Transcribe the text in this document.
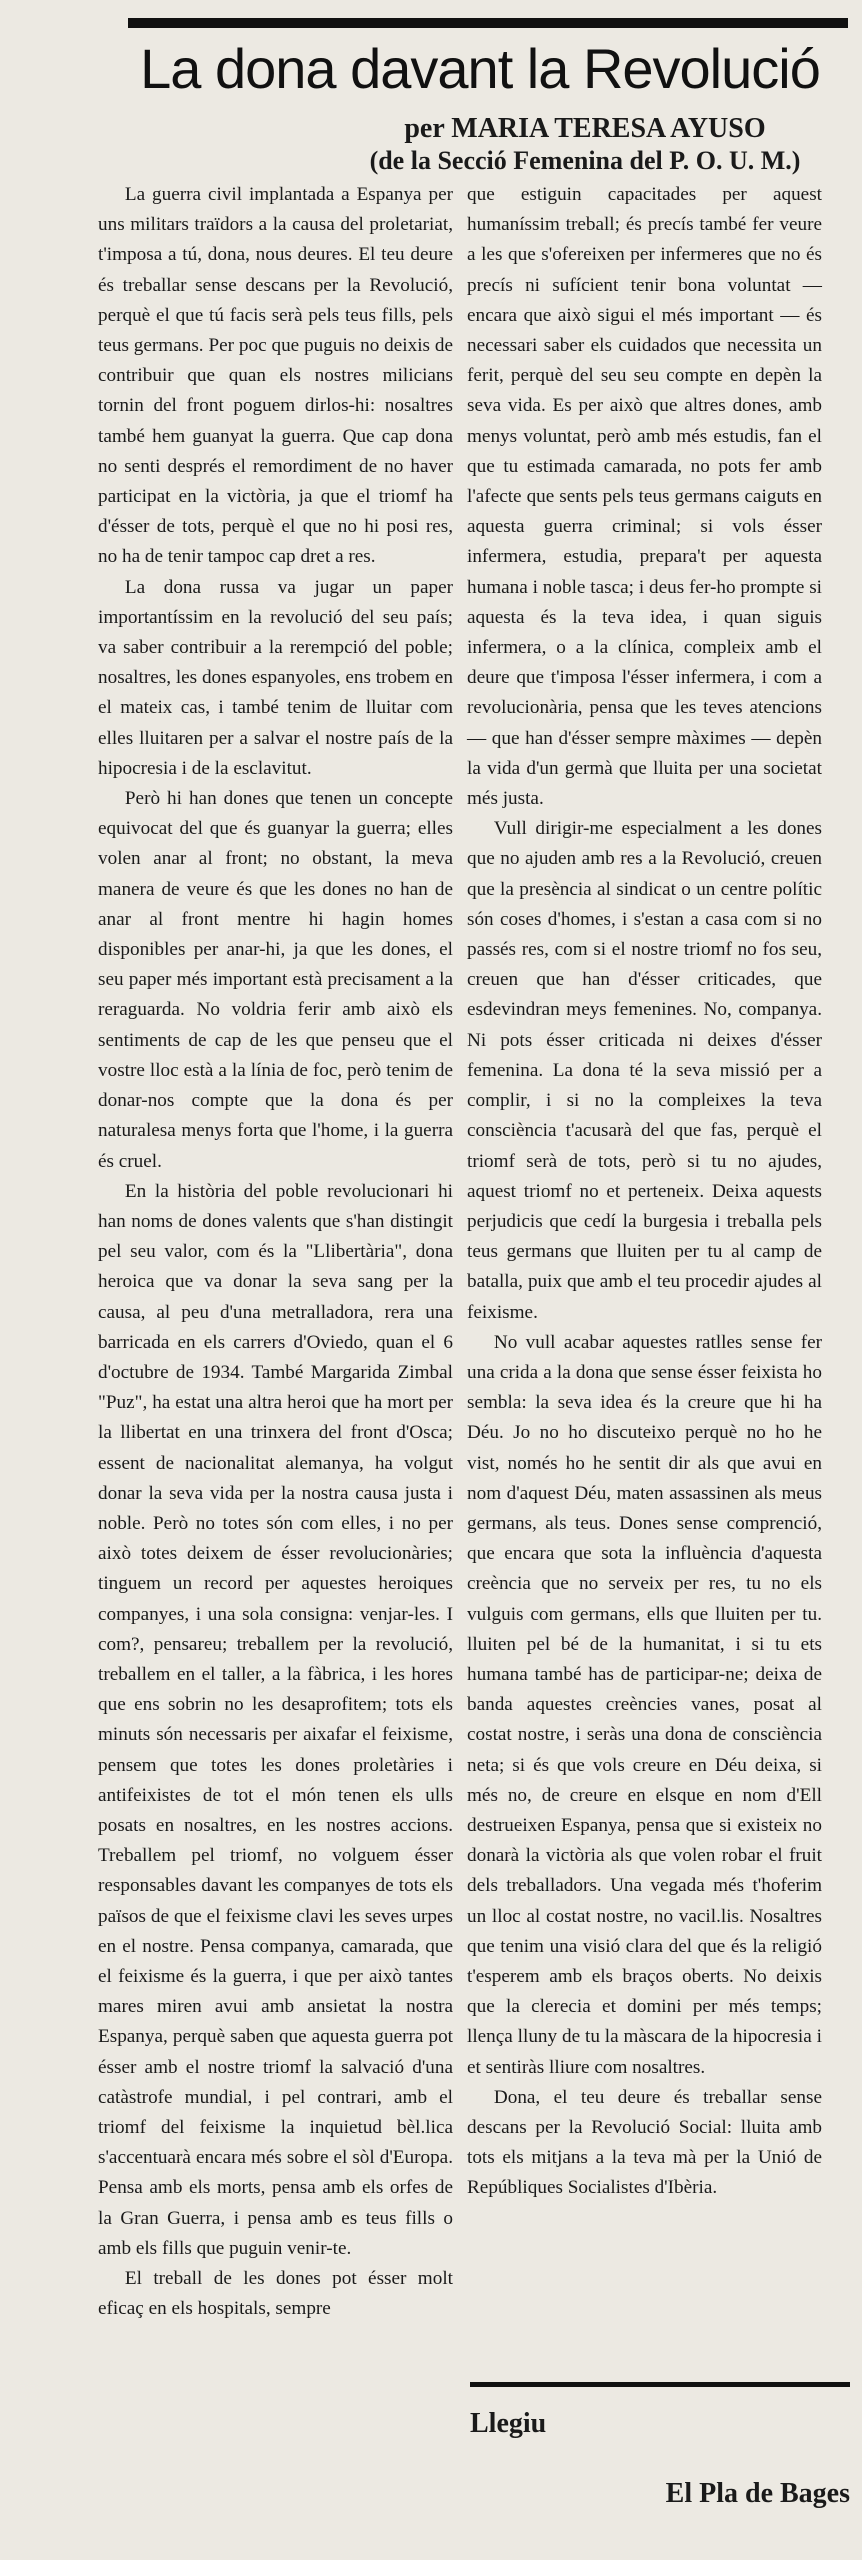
La dona davant la Revolució
per MARIA TERESA AYUSO
(de la Secció Femenina del P. O. U. M.)

La guerra civil implantada a Espanya per uns militars traïdors a la causa del proletariat, t'imposa a tú, dona, nous deures. El teu deure és treballar sense descans per la Revolució, perquè el que tú facis serà pels teus fills, pels teus germans. Per poc que puguis no deixis de contribuir que quan els nostres milicians tornin del front poguem dirlos-hi: nosaltres també hem guanyat la guerra. Que cap dona no senti després el remordiment de no haver participat en la victòria, ja que el triomf ha d'ésser de tots, perquè el que no hi posi res, no ha de tenir tampoc cap dret a res.

La dona russa va jugar un paper importantíssim en la revolució del seu país; va saber contribuir a la rerempció del poble; nosaltres, les dones espanyoles, ens trobem en el mateix cas, i també tenim de lluitar com elles lluitaren per a salvar el nostre país de la hipocresia i de la esclavitut.

Però hi han dones que tenen un concepte equivocat del que és guanyar la guerra; elles volen anar al front; no obstant, la meva manera de veure és que les dones no han de anar al front mentre hi hagin homes disponibles per anar-hi, ja que les dones, el seu paper més important està precisament a la reraguarda. No voldria ferir amb això els sentiments de cap de les que penseu que el vostre lloc està a la línia de foc, però tenim de donar-nos compte que la dona és per naturalesa menys forta que l'home, i la guerra és cruel.

En la història del poble revolucionari hi han noms de dones valents que s'han distingit pel seu valor, com és la "Llibertària", dona heroica que va donar la seva sang per la causa, al peu d'una metralladora, rera una barricada en els carrers d'Oviedo, quan el 6 d'octubre de 1934. També Margarida Zimbal "Puz", ha estat una altra heroi que ha mort per la llibertat en una trinxera del front d'Osca; essent de nacionalitat alemanya, ha volgut donar la seva vida per la nostra causa justa i noble. Però no totes són com elles, i no per això totes deixem de ésser revolucionàries; tinguem un record per aquestes heroiques companyes, i una sola consigna: venjar-les. I com?, pensareu; treballem per la revolució, treballem en el taller, a la fàbrica, i les hores que ens sobrin no les desaprofitem; tots els minuts són necessaris per aixafar el feixisme, pensem que totes les dones proletàries i antifeixistes de tot el món tenen els ulls posats en nosaltres, en les nostres accions. Treballem pel triomf, no volguem ésser responsables davant les companyes de tots els països de que el feixisme clavi les seves urpes en el nostre. Pensa companya, camarada, que el feixisme és la guerra, i que per això tantes mares miren avui amb ansietat la nostra Espanya, perquè saben que aquesta guerra pot ésser amb el nostre triomf la salvació d'una catàstrofe mundial, i pel contrari, amb el triomf del feixisme la inquietud bèl.lica s'accentuarà encara més sobre el sòl d'Europa. Pensa amb els morts, pensa amb els orfes de la Gran Guerra, i pensa amb es teus fills o amb els fills que puguin venir-te.

El treball de les dones pot ésser molt eficaç en els hospitals, sempre

que estiguin capacitades per aquest humaníssim treball; és precís també fer veure a les que s'ofereixen per infermeres que no és precís ni sufícient tenir bona voluntat — encara que això sigui el més important — és necessari saber els cuidados que necessita un ferit, perquè del seu seu compte en depèn la seva vida. Es per això que altres dones, amb menys voluntat, però amb més estudis, fan el que tu estimada camarada, no pots fer amb l'afecte que sents pels teus germans caiguts en aquesta guerra criminal; si vols ésser infermera, estudia, prepara't per aquesta humana i noble tasca; i deus fer-ho prompte si aquesta és la teva idea, i quan siguis infermera, o a la clínica, compleix amb el deure que t'imposa l'ésser infermera, i com a revolucionària, pensa que les teves atencions — que han d'ésser sempre màximes — depèn la vida d'un germà que lluita per una societat més justa.

Vull dirigir-me especialment a les dones que no ajuden amb res a la Revolució, creuen que la presència al sindicat o un centre polític són coses d'homes, i s'estan a casa com si no passés res, com si el nostre triomf no fos seu, creuen que han d'ésser criticades, que esdevindran meys femenines. No, companya. Ni pots ésser criticada ni deixes d'ésser femenina. La dona té la seva missió per a complir, i si no la compleixes la teva consciència t'acusarà del que fas, perquè el triomf serà de tots, però si tu no ajudes, aquest triomf no et perteneix. Deixa aquests perjudicis que cedí la burgesia i treballa pels teus germans que lluiten per tu al camp de batalla, puix que amb el teu procedir ajudes al feixisme.

No vull acabar aquestes ratlles sense fer una crida a la dona que sense ésser feixista ho sembla: la seva idea és la creure que hi ha Déu. Jo no ho discuteixo perquè no ho he vist, només ho he sentit dir als que avui en nom d'aquest Déu, maten assassinen als meus germans, als teus. Dones sense comprenció, que encara que sota la influència d'aquesta creència que no serveix per res, tu no els vulguis com germans, ells que lluiten per tu. lluiten pel bé de la humanitat, i si tu ets humana també has de participar-ne; deixa de banda aquestes creències vanes, posat al costat nostre, i seràs una dona de consciència neta; si és que vols creure en Déu deixa, si més no, de creure en elsque en nom d'Ell destrueixen Espanya, pensa que si existeix no donarà la victòria als que volen robar el fruit dels treballadors. Una vegada més t'hoferim un lloc al costat nostre, no vacil.lis. Nosaltres que tenim una visió clara del que és la religió t'esperem amb els braços oberts. No deixis que la clerecia et domini per més temps; llença lluny de tu la màscara de la hipocresia i et sentiràs lliure com nosaltres.

Dona, el teu deure és treballar sense descans per la Revolució Social: lluita amb tots els mitjans a la teva mà per la Unió de Repúbliques Socialistes d'Ibèria.

Llegiu
El Pla de Bages
